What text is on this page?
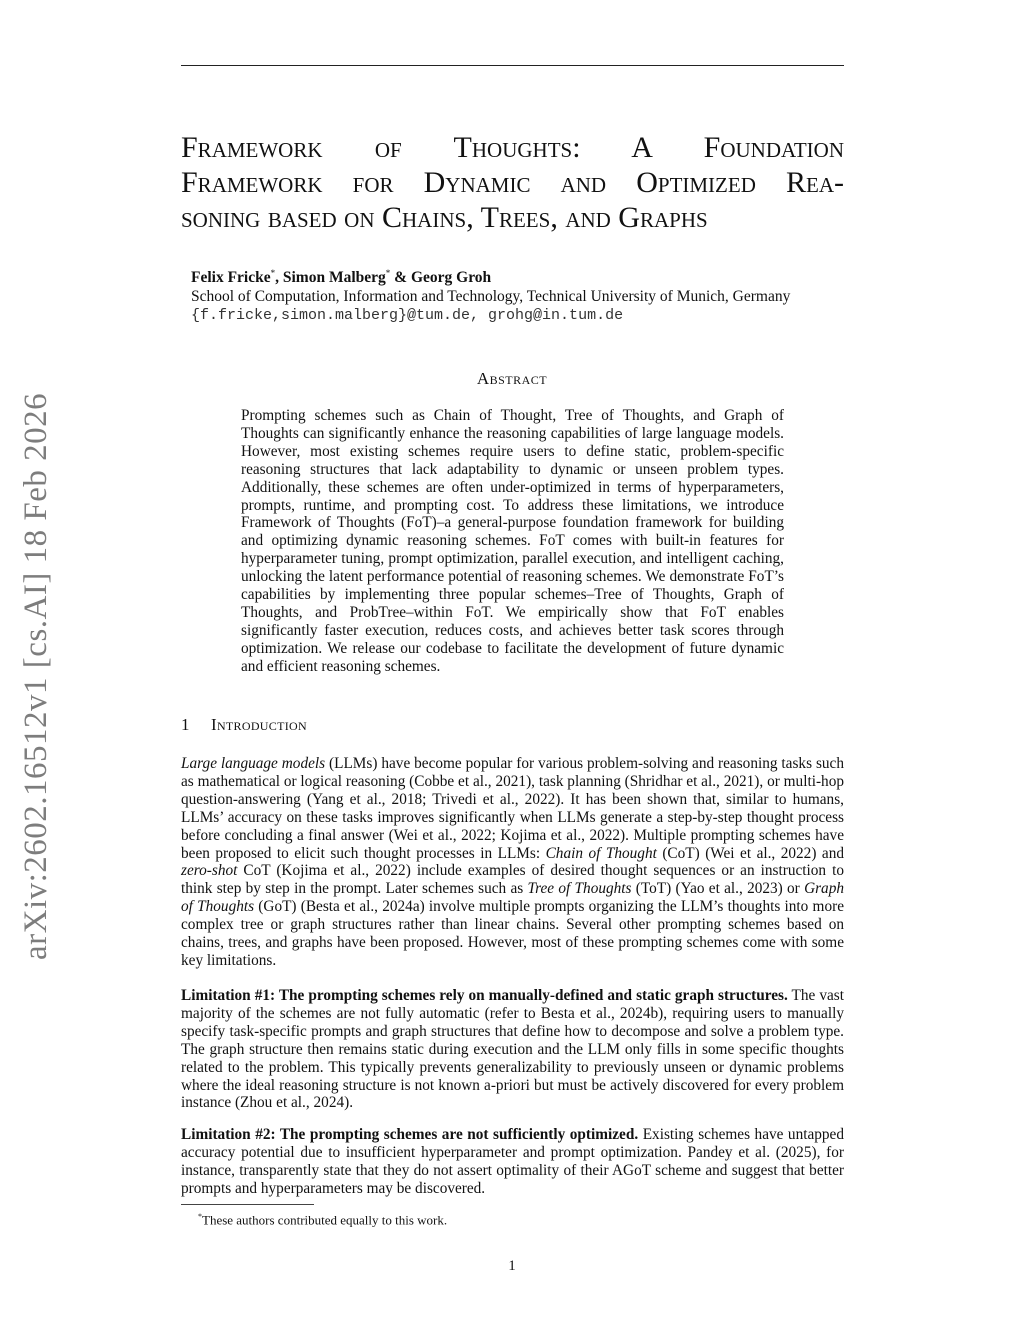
arXiv:2602.16512v1 [cs.AI] 18 Feb 2026
Framework of Thoughts: A Foundation
Framework for Dynamic and Optimized Rea-
soning based on Chains, Trees, and Graphs
Felix Fricke*, Simon Malberg* & Georg Groh
School of Computation, Information and Technology, Technical University of Munich, Germany
{f.fricke,simon.malberg}@tum.de, grohg@in.tum.de
Abstract
Prompting schemes such as Chain of Thought, Tree of Thoughts, and Graph of Thoughts can significantly enhance the reasoning capabilities of large language models. However, most existing schemes require users to define static, problem-specific reasoning structures that lack adaptability to dynamic or unseen problem types. Additionally, these schemes are often under-optimized in terms of hyperparameters, prompts, runtime, and prompting cost. To address these limitations, we introduce Framework of Thoughts (FoT)–a general-purpose foundation framework for building and optimizing dynamic reasoning schemes. FoT comes with built-in features for hyperparameter tuning, prompt optimization, parallel execution, and intelligent caching, unlocking the latent performance potential of reasoning schemes. We demonstrate FoT’s capabilities by implementing three popular schemes–Tree of Thoughts, Graph of Thoughts, and ProbTree–within FoT. We empirically show that FoT enables significantly faster execution, reduces costs, and achieves better task scores through optimization. We release our codebase to facilitate the development of future dynamic and efficient reasoning schemes.
1 Introduction

Large language models (LLMs) have become popular for various problem-solving and reasoning tasks such as mathematical or logical reasoning (Cobbe et al., 2021), task planning (Shridhar et al., 2021), or multi-hop question-answering (Yang et al., 2018; Trivedi et al., 2022). It has been shown that, similar to humans, LLMs’ accuracy on these tasks improves significantly when LLMs generate a step-by-step thought process before concluding a final answer (Wei et al., 2022; Kojima et al., 2022). Multiple prompting schemes have been proposed to elicit such thought processes in LLMs: Chain of Thought (CoT) (Wei et al., 2022) and zero-shot CoT (Kojima et al., 2022) include examples of desired thought sequences or an instruction to think step by step in the prompt. Later schemes such as Tree of Thoughts (ToT) (Yao et al., 2023) or Graph of Thoughts (GoT) (Besta et al., 2024a) involve multiple prompts organizing the LLM’s thoughts into more complex tree or graph structures rather than linear chains. Several other prompting schemes based on chains, trees, and graphs have been proposed. However, most of these prompting schemes come with some key limitations.

Limitation #1: The prompting schemes rely on manually-defined and static graph structures. The vast majority of the schemes are not fully automatic (refer to Besta et al., 2024b), requiring users to manually specify task-specific prompts and graph structures that define how to decompose and solve a problem type. The graph structure then remains static during execution and the LLM only fills in some specific thoughts related to the problem. This typically prevents generalizability to previously unseen or dynamic problems where the ideal reasoning structure is not known a-priori but must be actively discovered for every problem instance (Zhou et al., 2024).

Limitation #2: The prompting schemes are not sufficiently optimized. Existing schemes have untapped accuracy potential due to insufficient hyperparameter and prompt optimization. Pandey et al. (2025), for instance, transparently state that they do not assert optimality of their AGoT scheme and suggest that better prompts and hyperparameters may be discovered.

*These authors contributed equally to this work.
1
